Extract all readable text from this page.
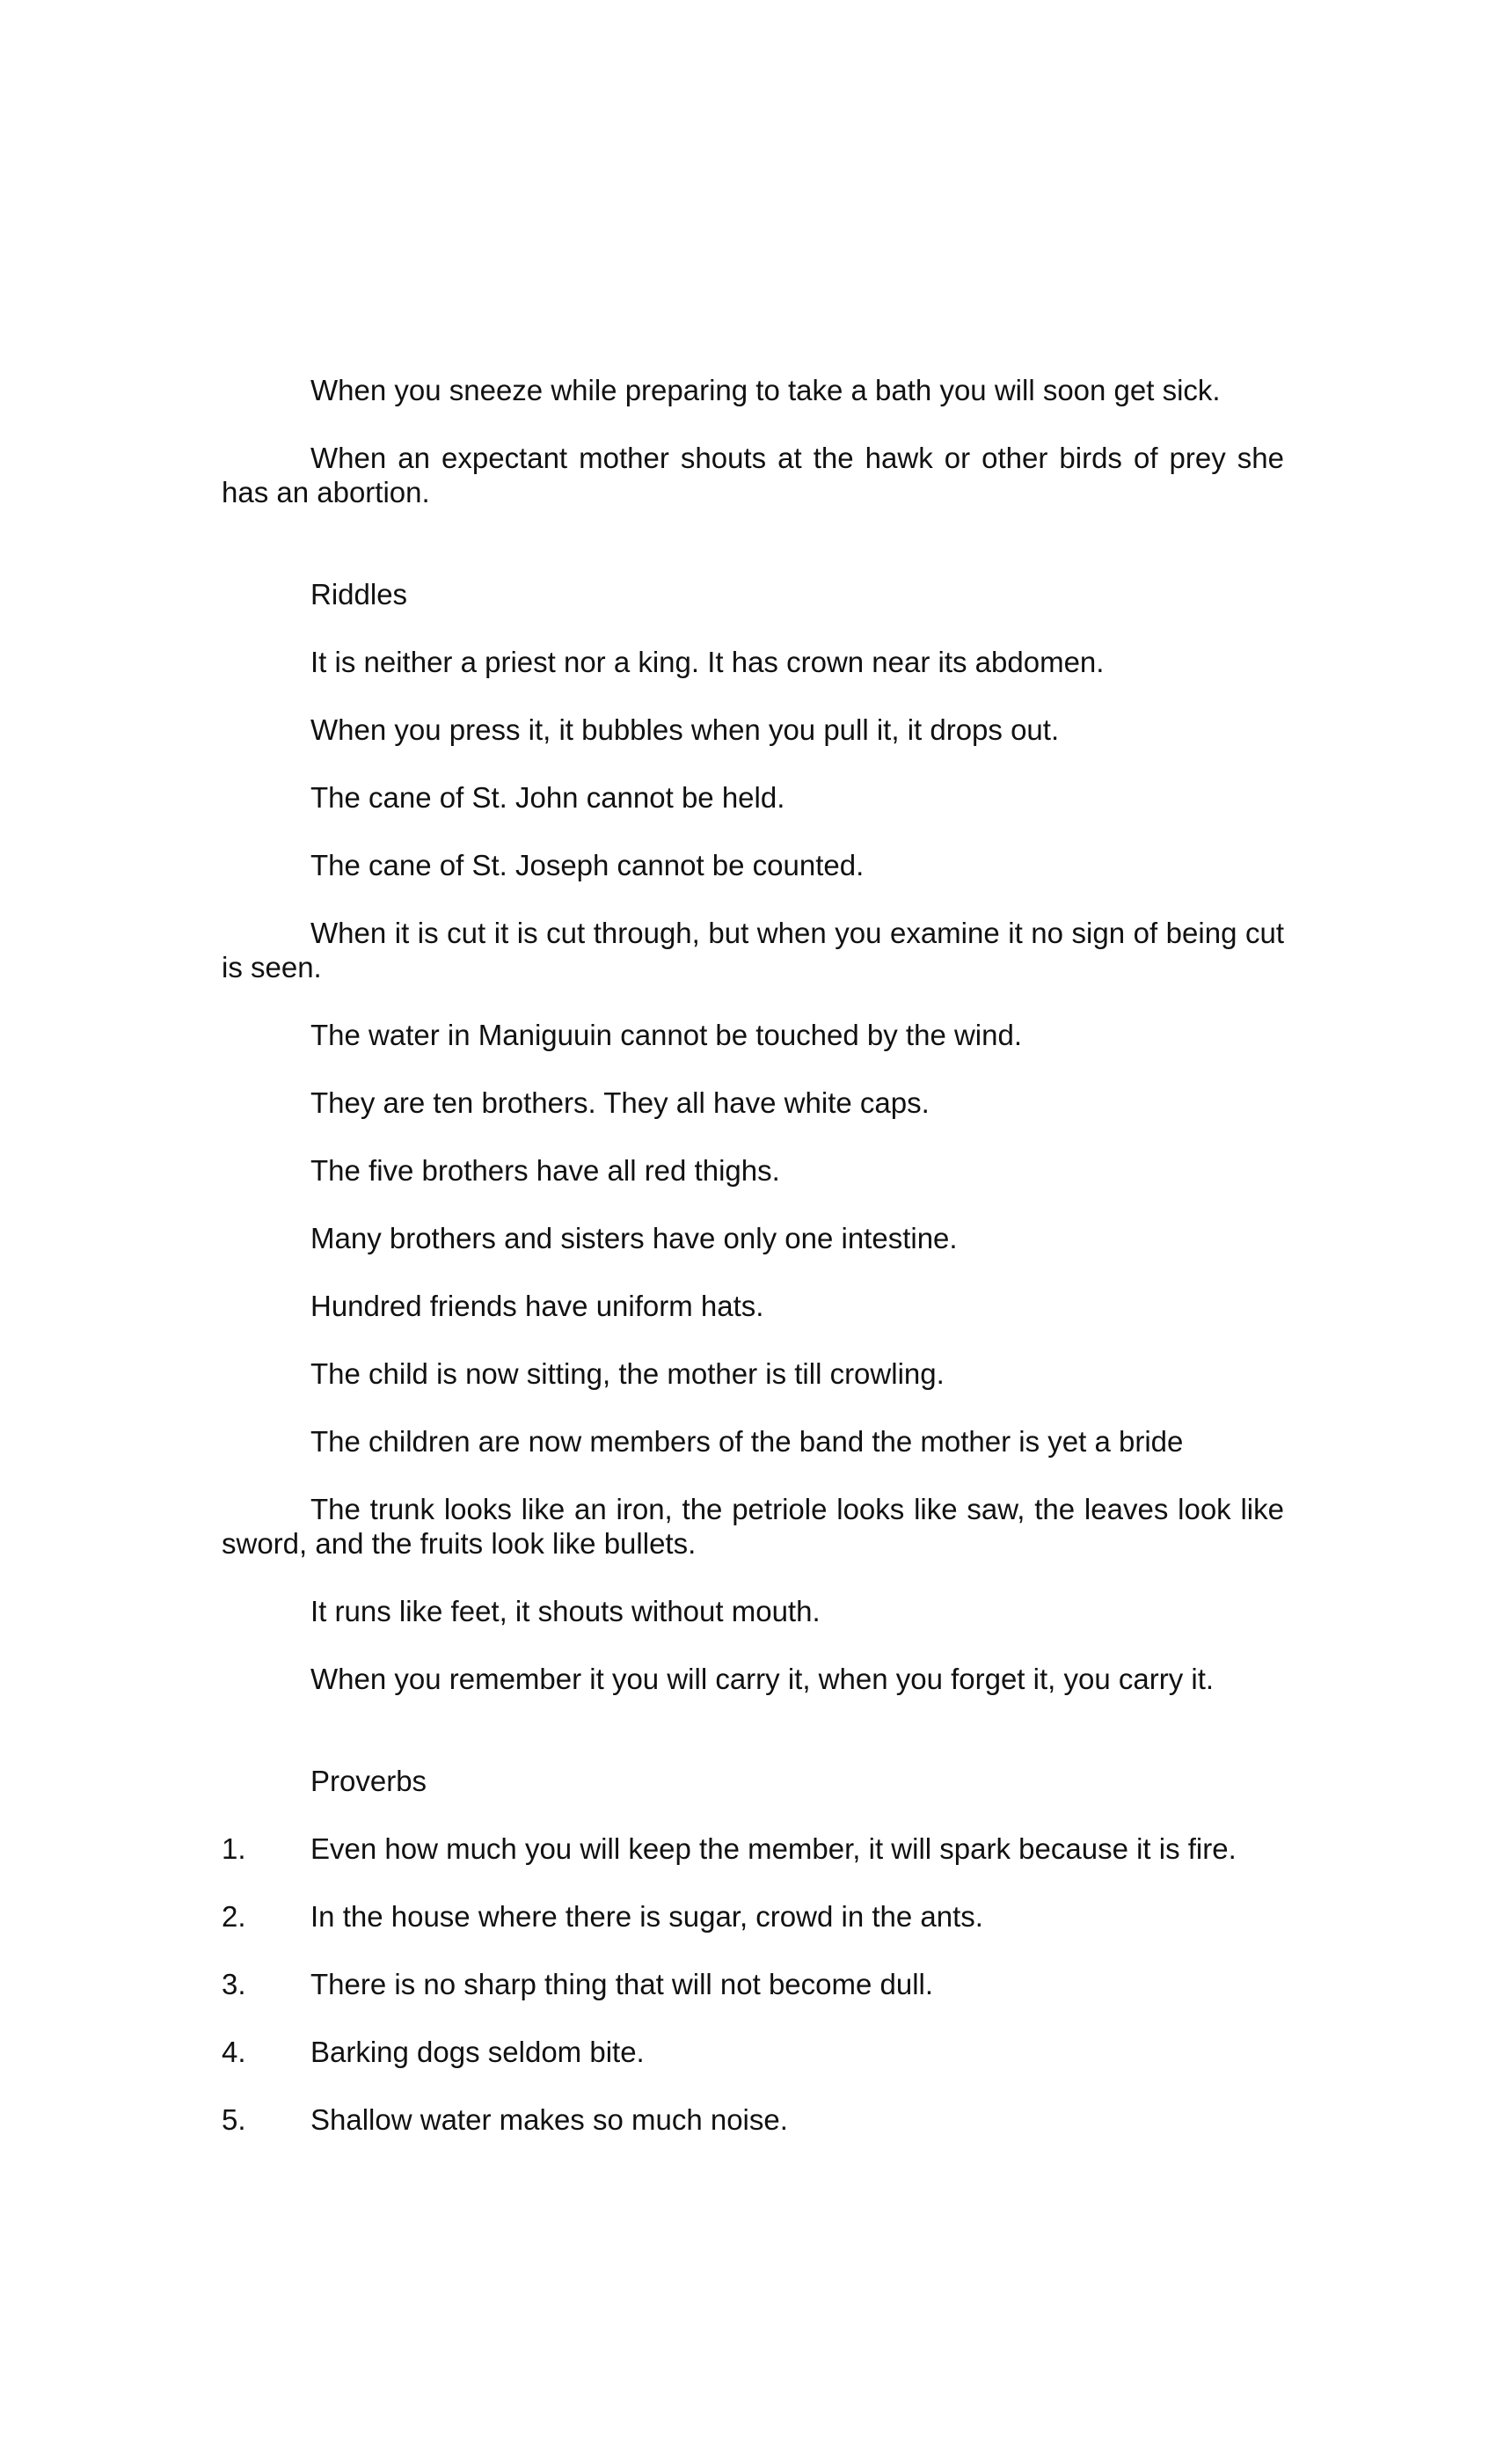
When you sneeze while preparing to take a bath you will soon get sick.

When an expectant mother shouts at the hawk or other birds of prey she has an abortion.

Riddles

It is neither a priest nor a king. It has crown near its abdomen.

When you press it, it bubbles when you pull it, it drops out.

The cane of St. John cannot be held.

The cane of St. Joseph cannot be counted.

When it is cut it is cut through, but when you examine it no sign of being cut is seen.

The water in Maniguuin cannot be touched by the wind.

They are ten brothers. They all have white caps.

The five brothers have all red thighs.

Many brothers and sisters have only one intestine.

Hundred friends have uniform hats.

The child is now sitting, the mother is till crowling.

The children are now members of the band the mother is yet a bride

The trunk looks like an iron, the petriole looks like saw, the leaves look like sword, and the fruits look like bullets.

It runs like feet, it shouts without mouth.

When you remember it you will carry it, when you forget it, you carry it.

Proverbs

1.	Even how much you will keep the member, it will spark because it is fire.
2.	In the house where there is sugar, crowd in the ants.
3.	There is no sharp thing that will not become dull.
4.	Barking dogs seldom bite.
5.	Shallow water makes so much noise.
